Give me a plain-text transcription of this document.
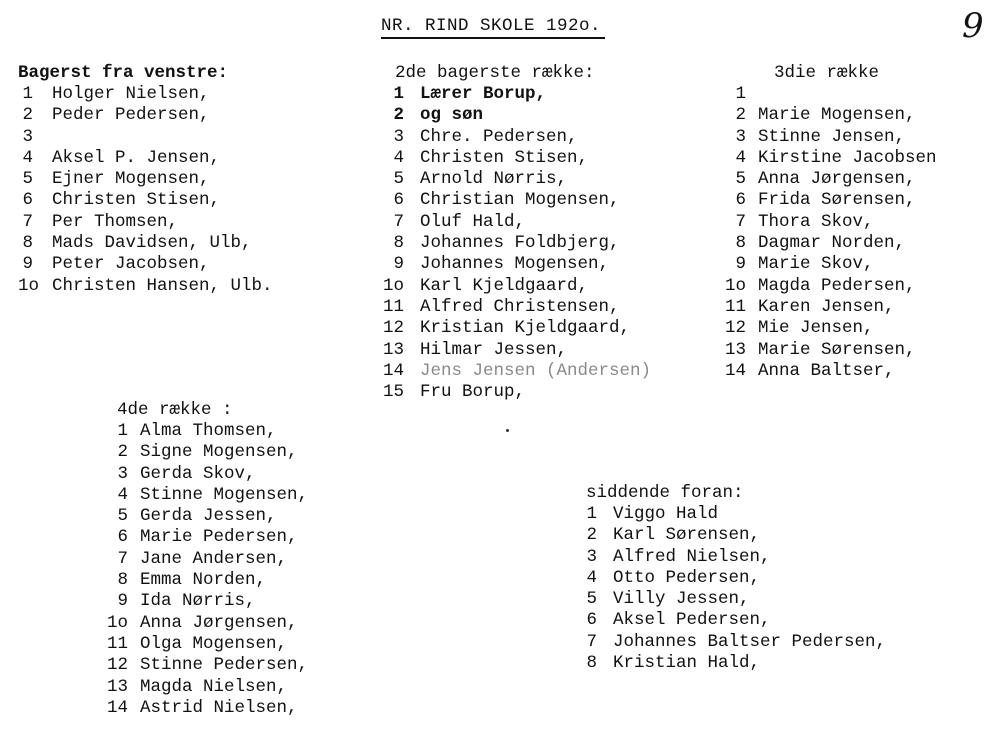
NR. RIND SKOLE 192o.	9
Bagerst fra venstre:
1 Holger Nielsen,
2 Peder Pedersen,
3
4 Aksel P. Jensen,
5 Ejner Mogensen,
6 Christen Stisen,
7 Per Thomsen,
8 Mads Davidsen, Ulb,
9 Peter Jacobsen,
1o Christen Hansen, Ulb.
2de bagerste række:
1 Lærer Borup,
2 og søn
3 Chre. Pedersen,
4 Christen Stisen,
5 Arnold Nørris,
6 Christian Mogensen,
7 Oluf Hald,
8 Johannes Foldbjerg,
9 Johannes Mogensen,
1o Karl Kjeldgaard,
11 Alfred Christensen,
12 Kristian Kjeldgaard,
13 Hilmar Jessen,
14 Jens Jensen (Andersen)
15 Fru Borup,
3die række
1
2 Marie Mogensen,
3 Stinne Jensen,
4 Kirstine Jacobsen
5 Anna Jørgensen,
6 Frida Sørensen,
7 Thora Skov,
8 Dagmar Norden,
9 Marie Skov,
1o Magda Pedersen,
11 Karen Jensen,
12 Mie Jensen,
13 Marie Sørensen,
14 Anna Baltser,
4de række :
1 Alma Thomsen,
2 Signe Mogensen,
3 Gerda Skov,
4 Stinne Mogensen,
5 Gerda Jessen,
6 Marie Pedersen,
7 Jane Andersen,
8 Emma Norden,
9 Ida Nørris,
1o Anna Jørgensen,
11 Olga Mogensen,
12 Stinne Pedersen,
13 Magda Nielsen,
14 Astrid Nielsen,
siddende foran:
1 Viggo Hald
2 Karl Sørensen,
3 Alfred Nielsen,
4 Otto Pedersen,
5 Villy Jessen,
6 Aksel Pedersen,
7 Johannes Baltser Pedersen,
8 Kristian Hald,
